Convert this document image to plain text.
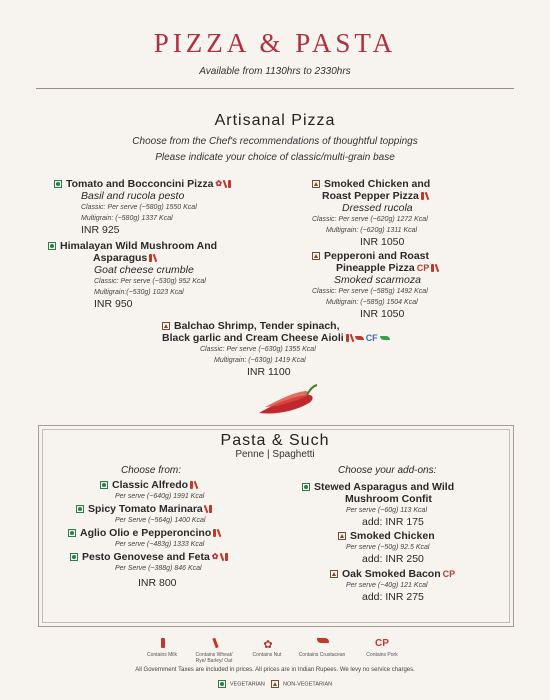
PIZZA & PASTA
Available from 1130hrs to 2330hrs
Artisanal Pizza
Choose from the Chef's recommendations of thoughtful toppings
Please indicate your choice of classic/multi-grain base
Tomato and Bocconcini Pizza ✿
Basil and rucola pesto
Classic: Per serve (~580g) 1550 Kcal
Multigrain: (~580g) 1337 Kcal
INR 925
Himalayan Wild Mushroom And
Asparagus
Goat cheese crumble
Classic: Per serve (~530g) 952 Kcal
Multigrain:(~530g) 1023 Kcal
INR 950
Smoked Chicken and
Roast Pepper Pizza
Dressed rucola
Classic: Per serve (~620g) 1272 Kcal
Multigrain: (~620g) 1311 Kcal
INR 1050
Pepperoni and Roast
Pineapple Pizza CP
Smoked scarmoza
Classic: Per serve (~585g) 1492 Kcal
Multigrain: (~585g) 1504 Kcal
INR 1050
Balchao Shrimp, Tender spinach,
Black garlic and Cream Cheese Aioli CF
Classic: Per serve (~630g) 1355 Kcal
Multigrain: (~630g) 1419 Kcal
INR 1100
Pasta & Such
Penne | Spaghetti
Choose from:	Choose your add-ons:
Classic Alfredo
Per serve (~640g) 1991 Kcal
Spicy Tomato Marinara
Per Serve (~564g) 1400 Kcal
Aglio Olio e Pepperoncino
Per serve (~483g) 1333 Kcal
Pesto Genovese and Feta ✿
Per Serve (~388g) 846 Kcal
INR 800
Stewed Asparagus and Wild
Mushroom Confit
Per serve (~60g) 113 Kcal
add: INR 175
Smoked Chicken
Per serve (~50g) 92.5 Kcal
add: INR 250
Oak Smoked Bacon CP
Per serve (~40g) 121 Kcal
add: INR 275
Contains Milk	Contains Wheat/
Rye/ Barley/ Oat
✿
Contains Nut	Contains Crustacean
CP
Contains Pork
All Government Taxes are included in prices. All prices are in Indian Rupees. We levy no service charges.
VEGETARIAN	NON-VEGETARIAN
